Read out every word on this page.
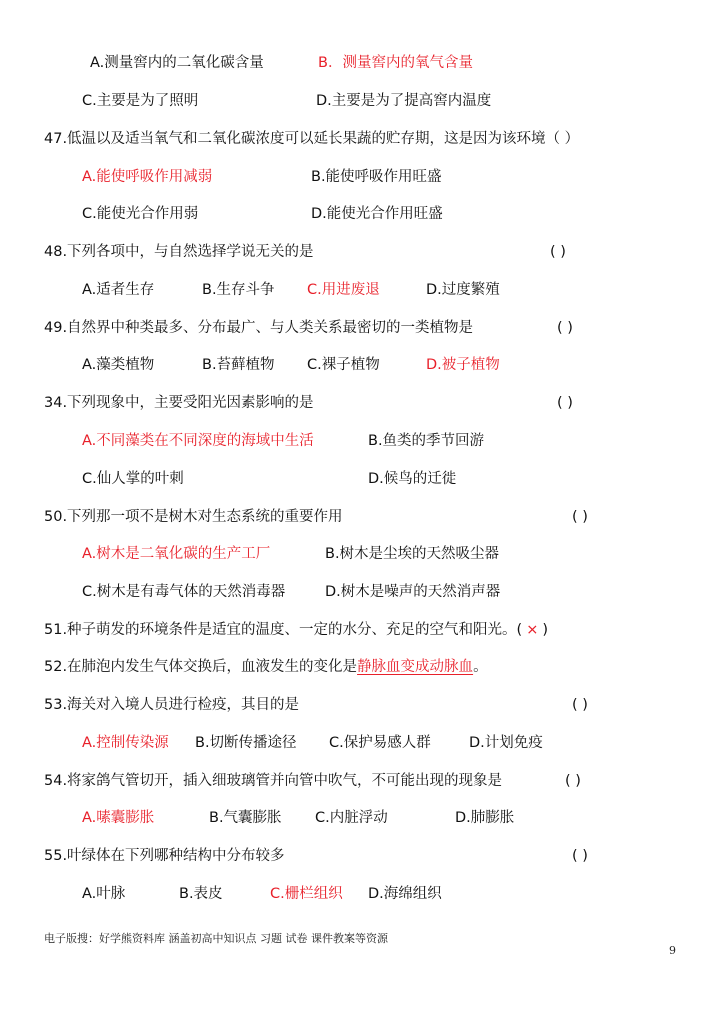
A.测量窖内的二氧化碳含量	B．测量窖内的氧气含量
C.主要是为了照明	D.主要是为了提高窖内温度
47.低温以及适当氧气和二氧化碳浓度可以延长果蔬的贮存期，这是因为该环境（ ）
A.能使呼吸作用减弱	B.能使呼吸作用旺盛
C.能使光合作用弱	D.能使光合作用旺盛
48.下列各项中，与自然选择学说无关的是	( )
A.适者生存	B.生存斗争 C.用进废退	D.过度繁殖
49.自然界中种类最多、分布最广、与人类关系最密切的一类植物是	( )
A.藻类植物	B.苔藓植物 C.裸子植物	D.被子植物
34.下列现象中，主要受阳光因素影响的是	( )
A.不同藻类在不同深度的海域中生活	B.鱼类的季节回游
C.仙人掌的叶刺	D.候鸟的迁徙
50.下列那一项不是树木对生态系统的重要作用	( )
A.树木是二氧化碳的生产工厂	B.树木是尘埃的天然吸尘器
C.树木是有毒气体的天然消毒器	D.树木是噪声的天然消声器
51.种子萌发的环境条件是适宜的温度、一定的水分、充足的空气和阳光。( × )
52.在肺泡内发生气体交换后，血液发生的变化是静脉血变成动脉血。
53.海关对入境人员进行检疫，其目的是	( )
A.控制传染源 B.切断传播途径 C.保护易感人群	D.计划免疫
54.将家鸽气管切开，插入细玻璃管并向管中吹气，不可能出现的现象是	( )
A.嗉囊膨胀	B.气囊膨胀 C.内脏浮动	D.肺膨胀
55.叶绿体在下列哪种结构中分布较多	( )
A.叶脉	B.表皮	C.栅栏组织 D.海绵组织
电子版搜：好学熊资料库 涵盖初高中知识点 习题 试卷 课件教案等资源
9
